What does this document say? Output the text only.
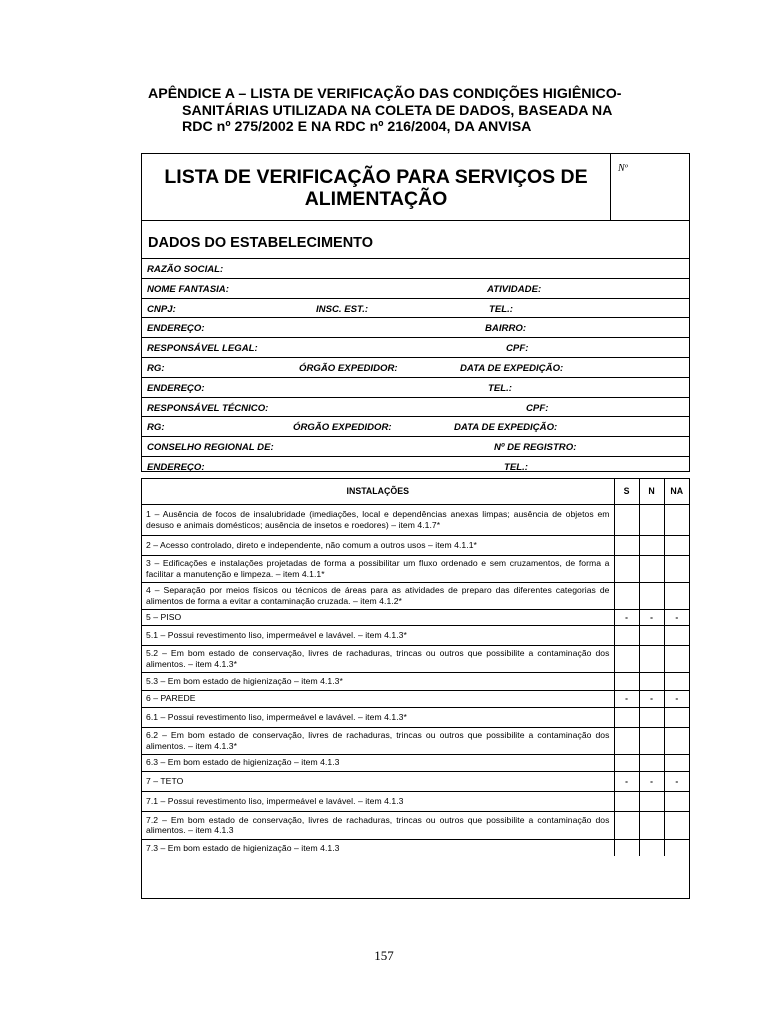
APÊNDICE A – LISTA DE VERIFICAÇÃO DAS CONDIÇÕES HIGIÊNICO-
SANITÁRIAS UTILIZADA NA COLETA DE DADOS, BASEADA NA
RDC nº 275/2002 E NA RDC nº 216/2004, DA ANVISA
LISTA DE VERIFICAÇÃO PARA SERVIÇOS DE
ALIMENTAÇÃO
Nº
DADOS DO ESTABELECIMENTO
RAZÃO SOCIAL:
NOME FANTASIA:	ATIVIDADE:
CNPJ:	INSC. EST.:	TEL.:
ENDEREÇO:	BAIRRO:
RESPONSÁVEL LEGAL:	CPF:
RG:	ÓRGÃO EXPEDIDOR:	DATA DE EXPEDIÇÃO:
ENDEREÇO:	TEL.:
RESPONSÁVEL TÉCNICO:	CPF:
RG:	ÓRGÃO EXPEDIDOR:	DATA DE EXPEDIÇÃO:
CONSELHO REGIONAL DE:	Nº DE REGISTRO:
ENDEREÇO:	TEL.:
INSTALAÇÕES	S	N	NA
1 – Ausência de focos de insalubridade (imediações, local e dependências anexas limpas; ausência de objetos em desuso e animais domésticos; ausência de insetos e roedores) – item 4.1.7*			
2 – Acesso controlado, direto e independente, não comum a outros usos – item 4.1.1*			
3 – Edificações e instalações projetadas de forma a possibilitar um fluxo ordenado e sem cruzamentos, de forma a facilitar a manutenção e limpeza. – item 4.1.1*			
4 – Separação por meios físicos ou técnicos de áreas para as atividades de preparo das diferentes categorias de alimentos de forma a evitar a contaminação cruzada. – item 4.1.2*			
5 – PISO	-	-	-
5.1 – Possui revestimento liso, impermeável e lavável. – item 4.1.3*			
5.2 – Em bom estado de conservação, livres de rachaduras, trincas ou outros que possibilite a contaminação dos alimentos. – item 4.1.3*			
5.3 – Em bom estado de higienização – item 4.1.3*			
6 – PAREDE	-	-	-
6.1 – Possui revestimento liso, impermeável e lavável. – item 4.1.3*			
6.2 – Em bom estado de conservação, livres de rachaduras, trincas ou outros que possibilite a contaminação dos alimentos. – item 4.1.3*			
6.3 – Em bom estado de higienização – item 4.1.3			
7 – TETO	-	-	-
7.1 – Possui revestimento liso, impermeável e lavável. – item 4.1.3			
7.2 – Em bom estado de conservação, livres de rachaduras, trincas ou outros que possibilite a contaminação dos alimentos. – item 4.1.3			
7.3 – Em bom estado de higienização – item 4.1.3			
157
